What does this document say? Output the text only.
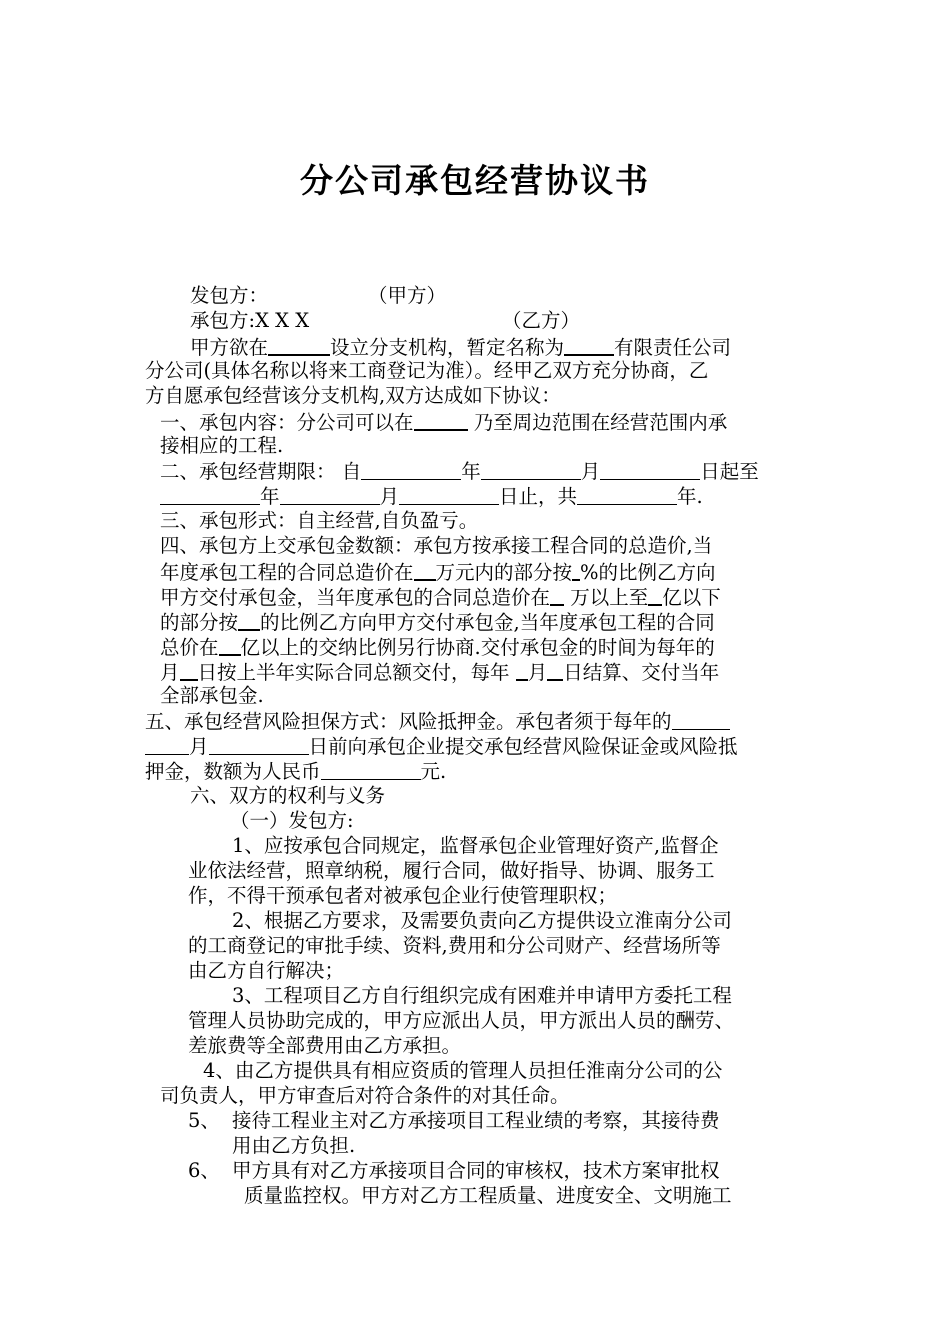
分公司承包经营协议书
发包方：	（甲方）
承包方:X X X	（乙方）
甲方欲在	设立分支机构，暂定名称为	有限责任公司
分公司(具体名称以将来工商登记为准）。经甲乙双方充分协商，乙
方自愿承包经营该分支机构,双方达成如下协议：
一、承包内容：分公司可以在	乃至周边范围在经营范围内承
接相应的工程.
二、承包经营期限： 自	年	月	日起至
年	月	日止，共	年.
三、承包形式：自主经营,自负盈亏。
四、承包方上交承包金数额：承包方按承接工程合同的总造价,当
年度承包工程的合同总造价在 万元内的部分按 %的比例乙方向
甲方交付承包金，当年度承包的合同总造价在 万以上至 亿以下
的部分按 的比例乙方向甲方交付承包金,当年度承包工程的合同
总价在 亿以上的交纳比例另行协商.交付承包金的时间为每年的
月 日按上半年实际合同总额交付，每年 月 日结算、交付当年
全部承包金.
五、承包经营风险担保方式：风险抵押金。承包者须于每年的
月	日前向承包企业提交承包经营风险保证金或风险抵
押金，数额为人民币	元.
六、双方的权利与义务
（一）发包方:
1、应按承包合同规定，监督承包企业管理好资产,监督企
业依法经营，照章纳税，履行合同，做好指导、协调、服务工
作，不得干预承包者对被承包企业行使管理职权；
2、根据乙方要求，及需要负责向乙方提供设立淮南分公司
的工商登记的审批手续、资料,费用和分公司财产、经营场所等
由乙方自行解决；
3、工程项目乙方自行组织完成有困难并申请甲方委托工程
管理人员协助完成的，甲方应派出人员，甲方派出人员的酬劳、
差旅费等全部费用由乙方承担。
4、由乙方提供具有相应资质的管理人员担任淮南分公司的公
司负责人，甲方审查后对符合条件的对其任命。
5、 接待工程业主对乙方承接项目工程业绩的考察，其接待费
用由乙方负担.
6、 甲方具有对乙方承接项目合同的审核权，技术方案审批权
质量监控权。甲方对乙方工程质量、进度安全、文明施工
